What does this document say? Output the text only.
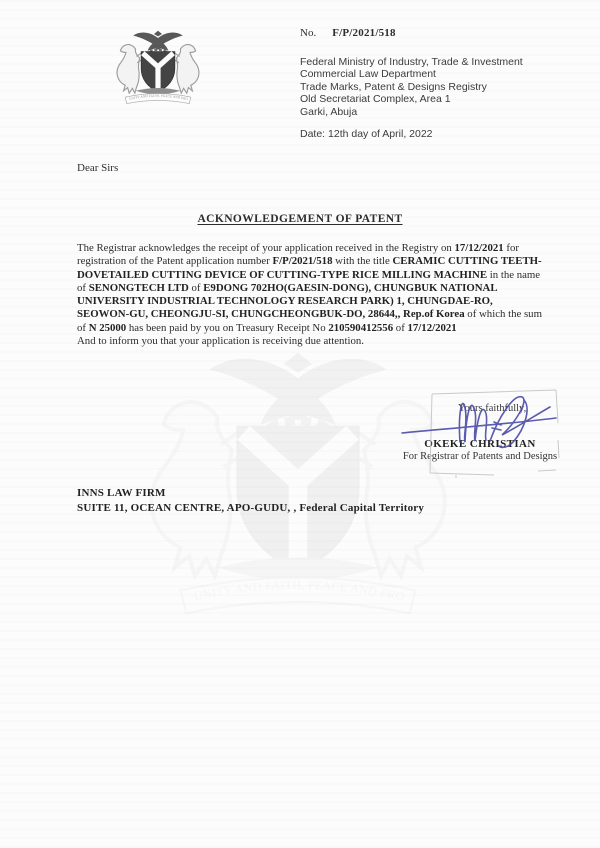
No. F/P/2021/518
Federal Ministry of Industry, Trade & Investment
Commercial Law Department
Trade Marks, Patent & Designs Registry
Old Secretariat Complex, Area 1
Garki, Abuja
Date: 12th day of April, 2022
Dear Sirs
ACKNOWLEDGEMENT OF PATENT
The Registrar acknowledges the receipt of your application received in the Registry on 17/12/2021 for registration of the Patent application number F/P/2021/518 with the title CERAMIC CUTTING TEETH-DOVETAILED CUTTING DEVICE OF CUTTING-TYPE RICE MILLING MACHINE in the name of SENONGTECH LTD of E9DONG 702HO(GAESIN-DONG), CHUNGBUK NATIONAL UNIVERSITY INDUSTRIAL TECHNOLOGY RESEARCH PARK) 1, CHUNGDAE-RO, SEOWON-GU, CHEONGJU-SI, CHUNGCHEONGBUK-DO, 28644,, Rep.of Korea of which the sum of N 25000 has been paid by you on Treasury Receipt No 210590412556 of 17/12/2021
And to inform you that your application is receiving due attention.
Yours faithfully,
OKEKE CHRISTIAN
For Registrar of Patents and Designs
INNS LAW FIRM
SUITE 11, OCEAN CENTRE, APO-GUDU, , Federal Capital Territory
